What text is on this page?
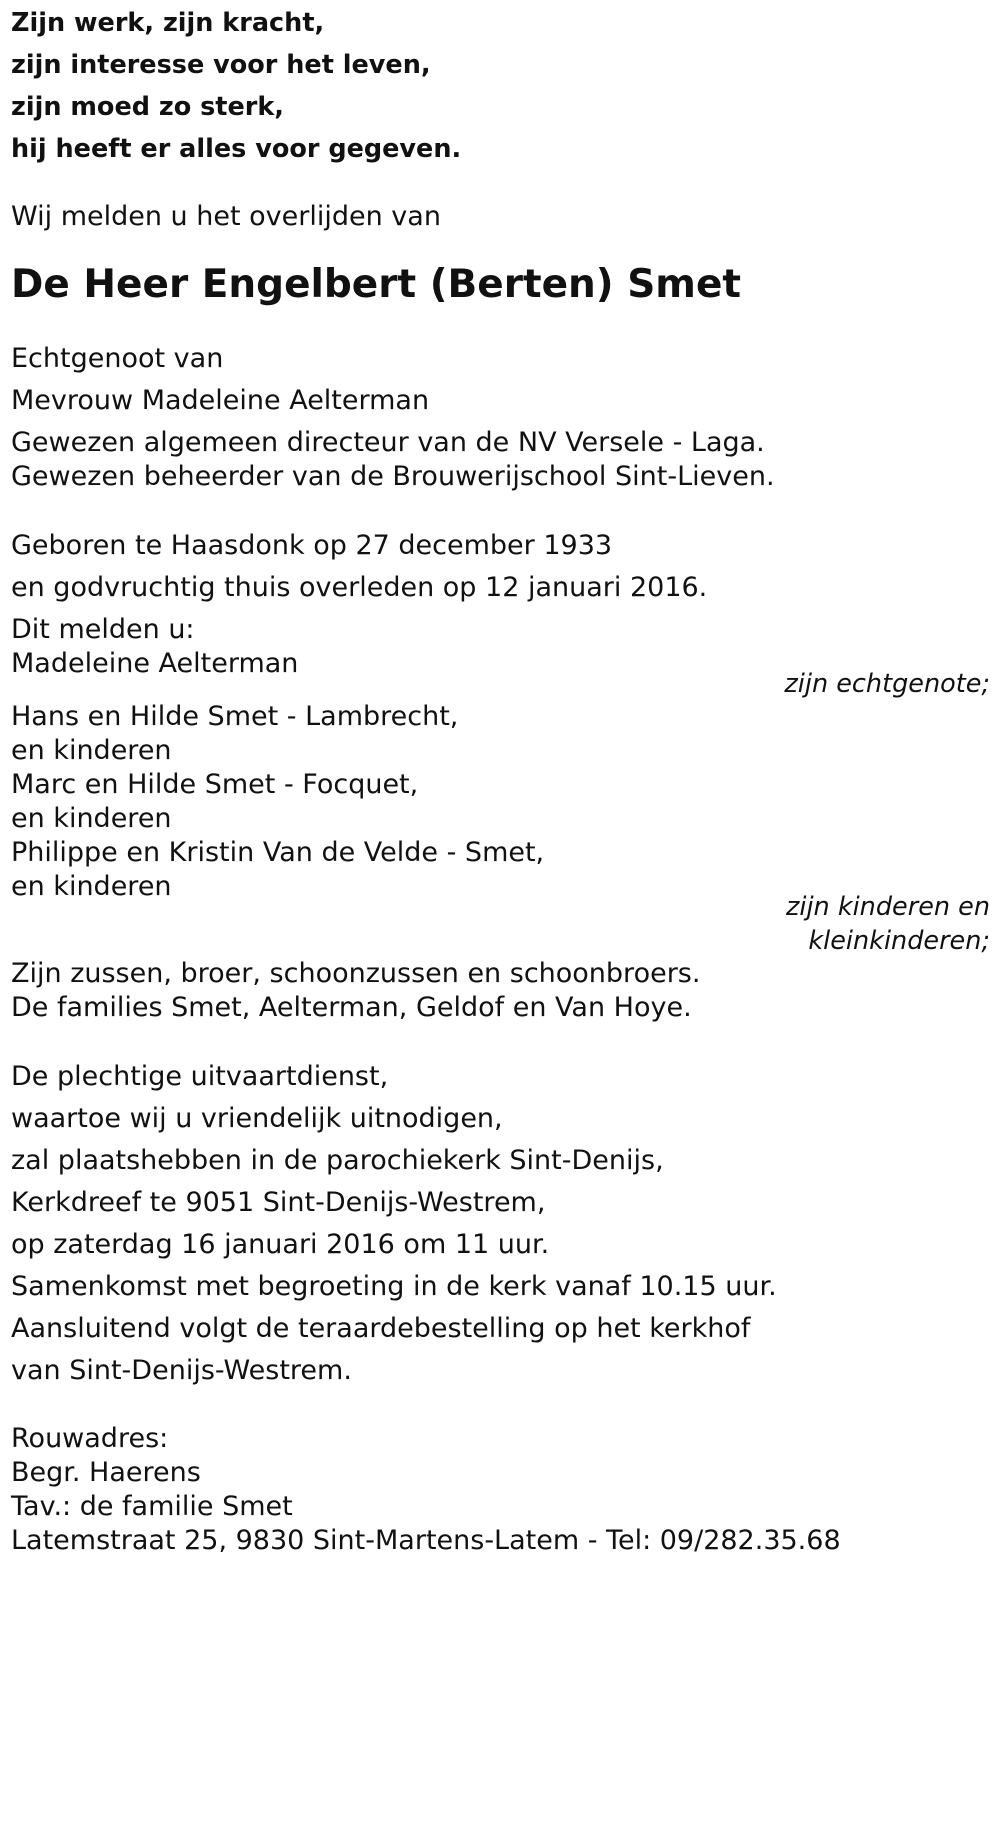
Zijn werk, zijn kracht,

zijn interesse voor het leven,

zijn moed zo sterk,

hij heeft er alles voor gegeven.

Wij melden u het overlijden van

De Heer Engelbert (Berten) Smet

Echtgenoot van

Mevrouw Madeleine Aelterman

Gewezen algemeen directeur van de NV Versele - Laga.

Gewezen beheerder van de Brouwerijschool Sint-Lieven.

Geboren te Haasdonk op 27 december 1933

en godvruchtig thuis overleden op 12 januari 2016.

Dit melden u:

Madeleine Aelterman

zijn echtgenote;

Hans en Hilde Smet - Lambrecht,

en kinderen

Marc en Hilde Smet - Focquet,

en kinderen

Philippe en Kristin Van de Velde - Smet,

en kinderen

zijn kinderen en

kleinkinderen;

Zijn zussen, broer, schoonzussen en schoonbroers.

De families Smet, Aelterman, Geldof en Van Hoye.

De plechtige uitvaartdienst,

waartoe wij u vriendelijk uitnodigen,

zal plaatshebben in de parochiekerk Sint-Denijs,

Kerkdreef te 9051 Sint-Denijs-Westrem,

op zaterdag 16 januari 2016 om 11 uur.

Samenkomst met begroeting in de kerk vanaf 10.15 uur.

Aansluitend volgt de teraardebestelling op het kerkhof

van Sint-Denijs-Westrem.

Rouwadres:

Begr. Haerens

Tav.: de familie Smet

Latemstraat 25, 9830 Sint-Martens-Latem - Tel: 09/282.35.68
